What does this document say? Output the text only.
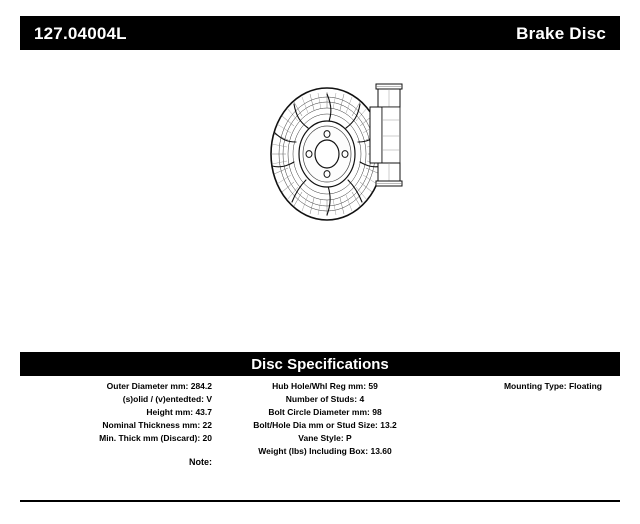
127.04004L	Brake Disc
Disc Specifications
Outer Diameter mm: 284.2
(s)olid / (v)entedted: V
Height mm: 43.7
Nominal Thickness mm: 22
Min. Thick mm (Discard): 20
Hub Hole/Whl Reg mm: 59
Number of Studs: 4
Bolt Circle Diameter mm: 98
Bolt/Hole Dia mm or Stud Size: 13.2
Vane Style: P
Weight (lbs) Including Box: 13.60
Mounting Type: Floating
Note:
